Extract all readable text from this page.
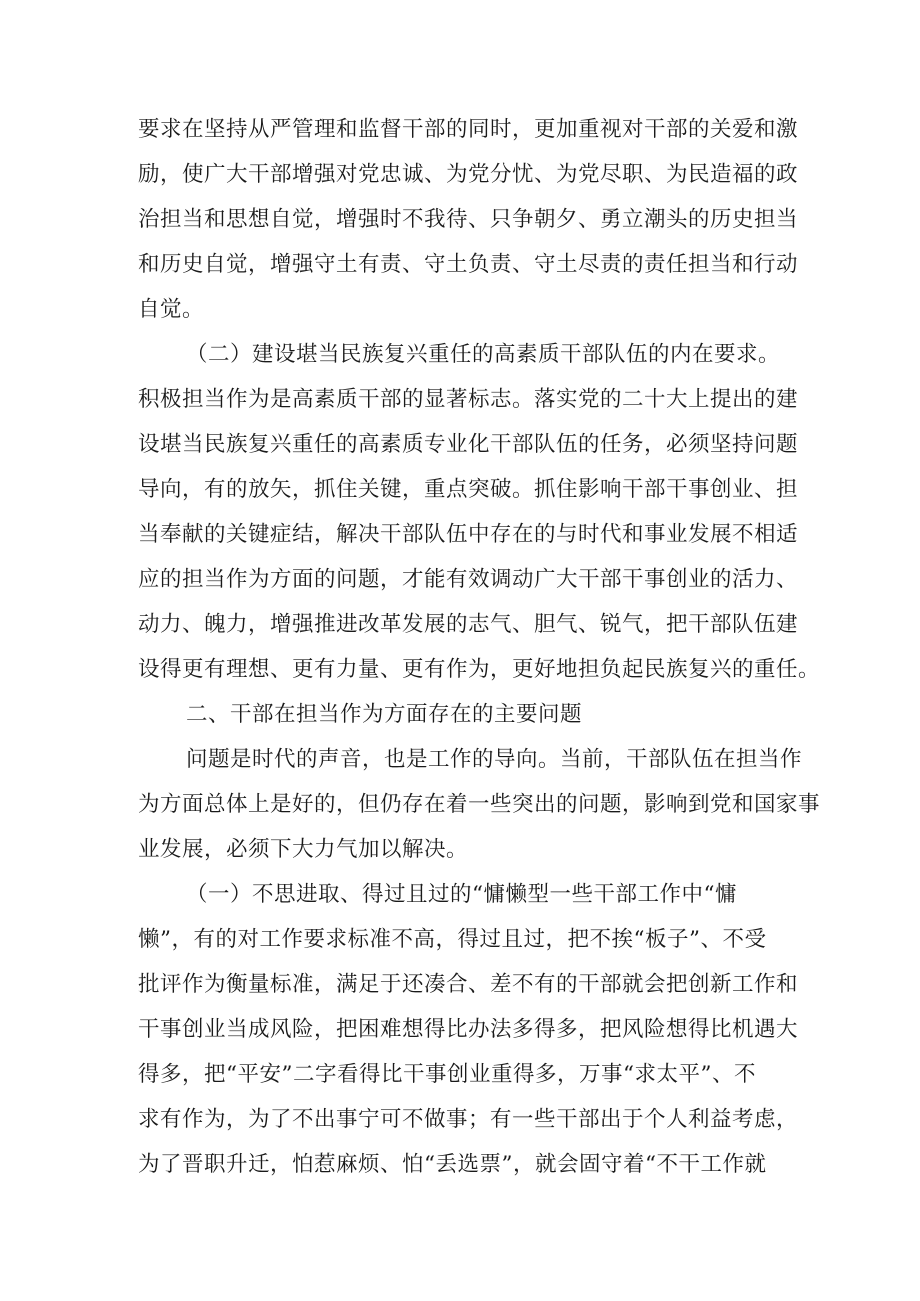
要求在坚持从严管理和监督干部的同时，更加重视对干部的关爱和激
励，使广大干部增强对党忠诚、为党分忧、为党尽职、为民造福的政
治担当和思想自觉，增强时不我待、只争朝夕、勇立潮头的历史担当
和历史自觉，增强守土有责、守土负责、守土尽责的责任担当和行动
自觉。
（二）建设堪当民族复兴重任的高素质干部队伍的内在要求。
积极担当作为是高素质干部的显著标志。落实党的二十大上提出的建
设堪当民族复兴重任的高素质专业化干部队伍的任务，必须坚持问题
导向，有的放矢，抓住关键，重点突破。抓住影响干部干事创业、担
当奉献的关键症结，解决干部队伍中存在的与时代和事业发展不相适
应的担当作为方面的问题，才能有效调动广大干部干事创业的活力、
动力、魄力，增强推进改革发展的志气、胆气、锐气，把干部队伍建
设得更有理想、更有力量、更有作为，更好地担负起民族复兴的重任。
二、干部在担当作为方面存在的主要问题
问题是时代的声音，也是工作的导向。当前，干部队伍在担当作
为方面总体上是好的，但仍存在着一些突出的问题，影响到党和国家事
业发展，必须下大力气加以解决。
（一）不思进取、得过且过的“慵懒型一些干部工作中“慵
懒”，有的对工作要求标准不高，得过且过，把不挨“板子”、不受
批评作为衡量标准，满足于还凑合、差不有的干部就会把创新工作和
干事创业当成风险，把困难想得比办法多得多，把风险想得比机遇大
得多，把“平安”二字看得比干事创业重得多，万事“求太平”、不
求有作为，为了不出事宁可不做事；有一些干部出于个人利益考虑，
为了晋职升迁，怕惹麻烦、怕“丢选票”，就会固守着“不干工作就
